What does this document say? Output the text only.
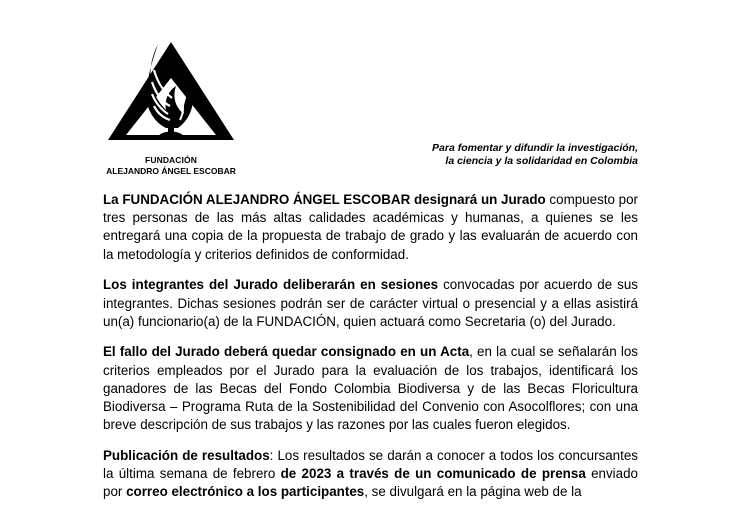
FUNDACIÓN
ALEJANDRO ÁNGEL ESCOBAR
Para fomentar y difundir la investigación,
la ciencia y la solidaridad en Colombia

La FUNDACIÓN ALEJANDRO ÁNGEL ESCOBAR designará un Jurado compuesto por tres personas de las más altas calidades académicas y humanas, a quienes se les entregará una copia de la propuesta de trabajo de grado y las evaluarán de acuerdo con la metodología y criterios definidos de conformidad.

Los integrantes del Jurado deliberarán en sesiones convocadas por acuerdo de sus integrantes. Dichas sesiones podrán ser de carácter virtual o presencial y a ellas asistirá un(a) funcionario(a) de la FUNDACIÓN, quien actuará como Secretaria (o) del Jurado.

El fallo del Jurado deberá quedar consignado en un Acta, en la cual se señalarán los criterios empleados por el Jurado para la evaluación de los trabajos, identificará los ganadores de las Becas del Fondo Colombia Biodiversa y de las Becas Floricultura Biodiversa – Programa Ruta de la Sostenibilidad del Convenio con Asocolflores; con una breve descripción de sus trabajos y las razones por las cuales fueron elegidos.

Publicación de resultados: Los resultados se darán a conocer a todos los concursantes la última semana de febrero de 2023 a través de un comunicado de prensa enviado por correo electrónico a los participantes, se divulgará en la página web de la
